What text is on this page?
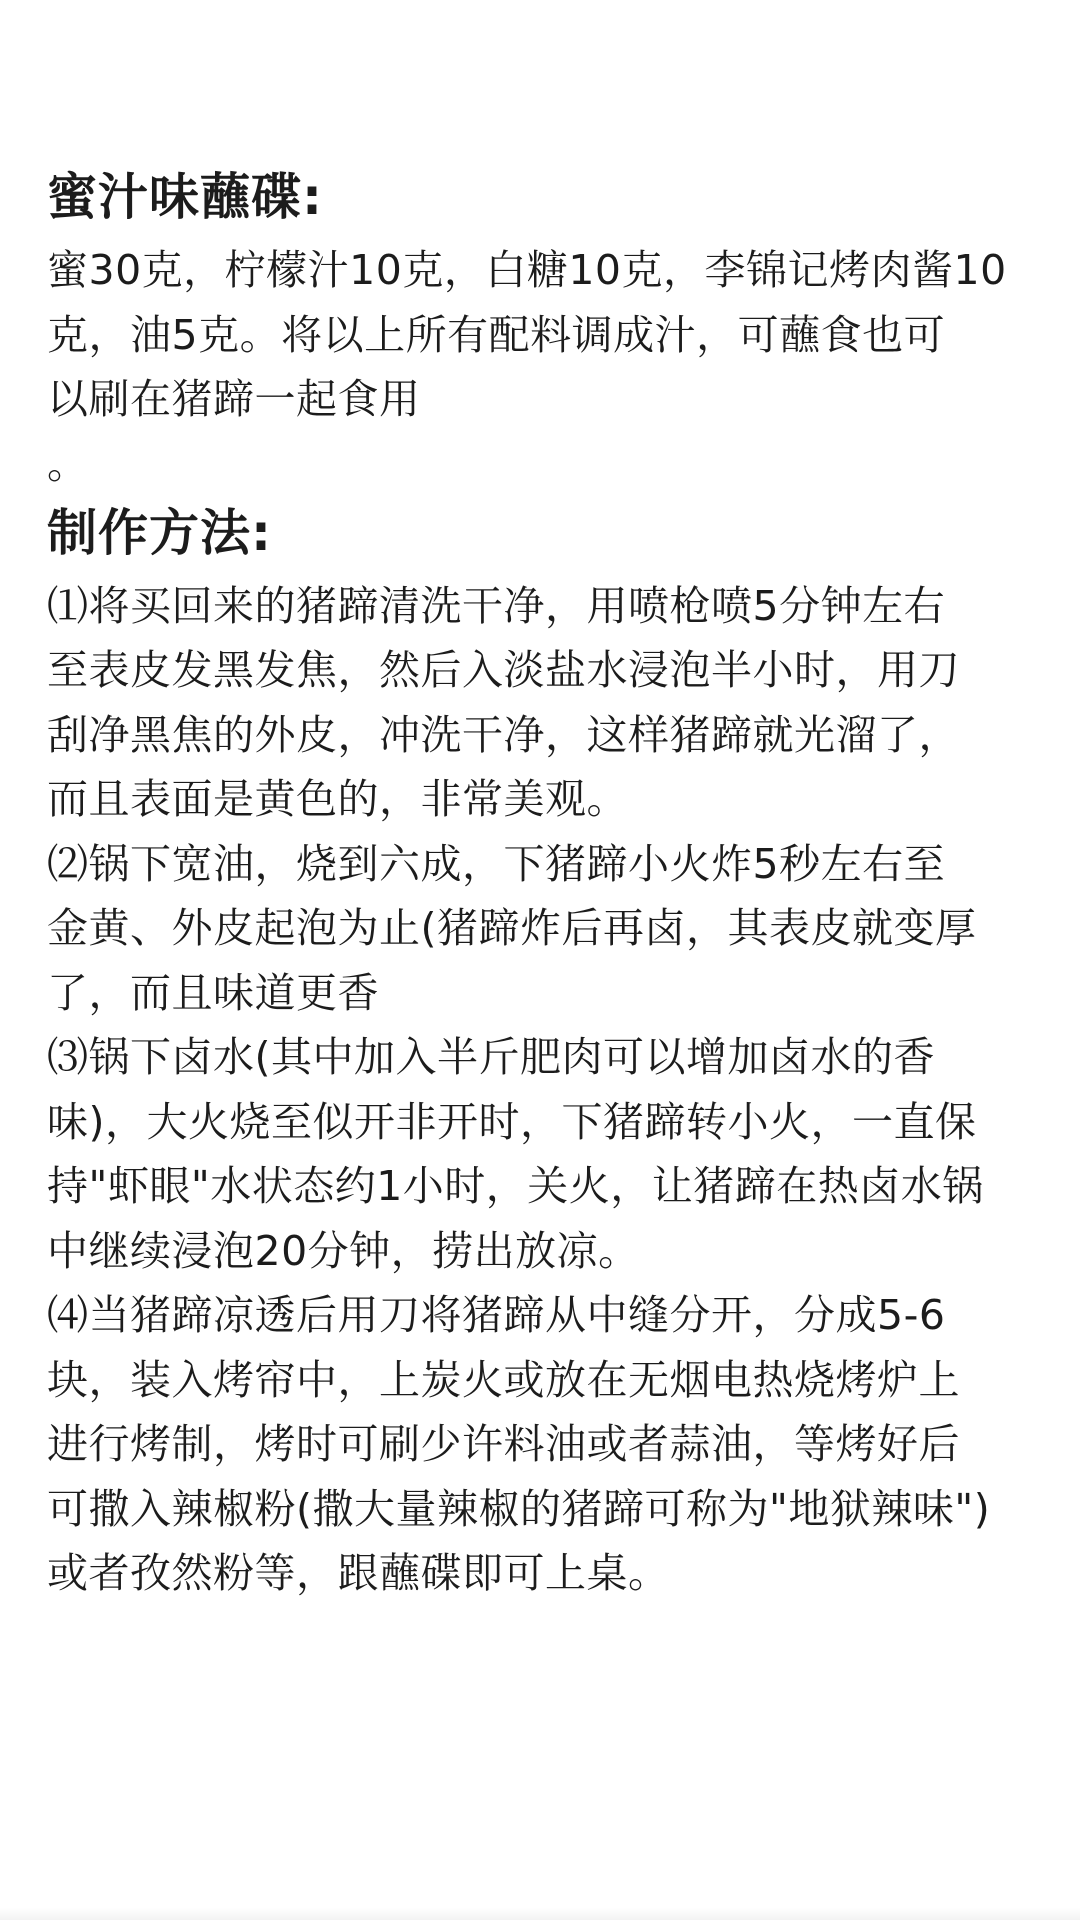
蜜汁味蘸碟:

蜜30克，柠檬汁10克，白糖10克，李锦记烤肉酱10

克，油5克。将以上所有配料调成汁，可蘸食也可

以刷在猪蹄一起食用

。

制作方法:

⑴将买回来的猪蹄清洗干净，用喷枪喷5分钟左右

至表皮发黑发焦，然后入淡盐水浸泡半小时，用刀

刮净黑焦的外皮，冲洗干净，这样猪蹄就光溜了，

而且表面是黄色的，非常美观。

⑵锅下宽油，烧到六成，下猪蹄小火炸5秒左右至

金黄、外皮起泡为止(猪蹄炸后再卤，其表皮就变厚

了，而且味道更香

⑶锅下卤水(其中加入半斤肥肉可以增加卤水的香

味)，大火烧至似开非开时，下猪蹄转小火，一直保

持"虾眼"水状态约1小时，关火，让猪蹄在热卤水锅

中继续浸泡20分钟，捞出放凉。

⑷当猪蹄凉透后用刀将猪蹄从中缝分开，分成5-6

块，装入烤帘中，上炭火或放在无烟电热烧烤炉上

进行烤制，烤时可刷少许料油或者蒜油，等烤好后

可撒入辣椒粉(撒大量辣椒的猪蹄可称为"地狱辣味")

或者孜然粉等，跟蘸碟即可上桌。
